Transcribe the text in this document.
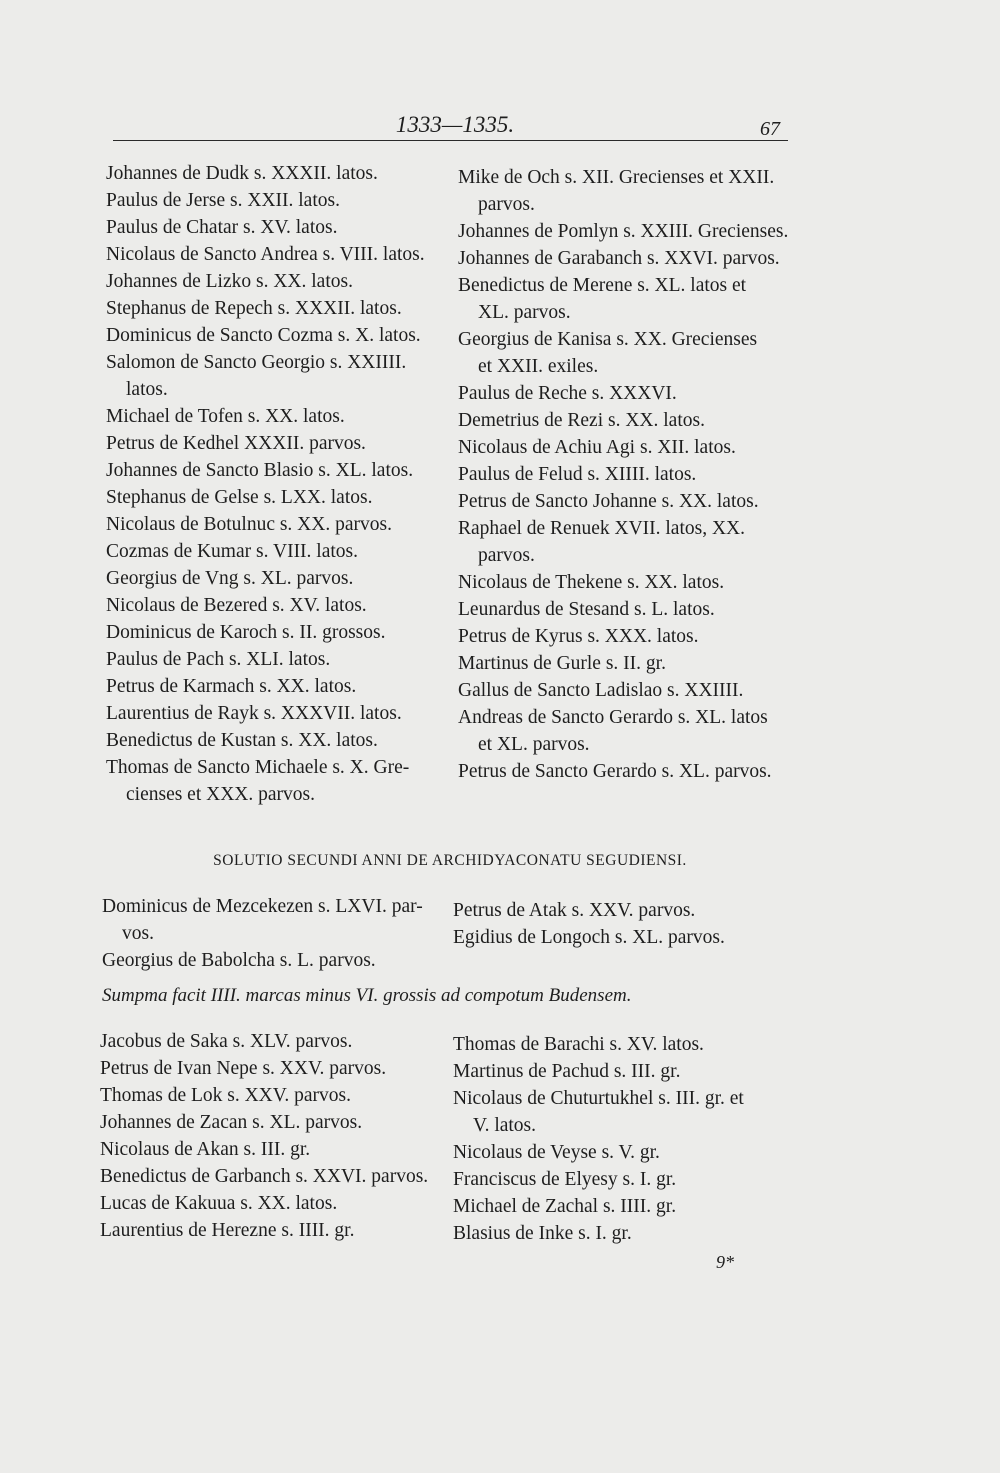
1333—1335.	67
Johannes de Dudk s. XXXII. latos.
Paulus de Jerse s. XXII. latos.
Paulus de Chatar s. XV. latos.
Nicolaus de Sancto Andrea s. VIII. latos.
Johannes de Lizko s. XX. latos.
Stephanus de Repech s. XXXII. latos.
Dominicus de Sancto Cozma s. X. latos.
Salomon de Sancto Georgio s. XXIIII.
latos.
Michael de Tofen s. XX. latos.
Petrus de Kedhel XXXII. parvos.
Johannes de Sancto Blasio s. XL. latos.
Stephanus de Gelse s. LXX. latos.
Nicolaus de Botulnuc s. XX. parvos.
Cozmas de Kumar s. VIII. latos.
Georgius de Vng s. XL. parvos.
Nicolaus de Bezered s. XV. latos.
Dominicus de Karoch s. II. grossos.
Paulus de Pach s. XLI. latos.
Petrus de Karmach s. XX. latos.
Laurentius de Rayk s. XXXVII. latos.
Benedictus de Kustan s. XX. latos.
Thomas de Sancto Michaele s. X. Gre-
cienses et XXX. parvos.
Mike de Och s. XII. Grecienses et XXII.
parvos.
Johannes de Pomlyn s. XXIII. Grecienses.
Johannes de Garabanch s. XXVI. parvos.
Benedictus de Merene s. XL. latos et
XL. parvos.
Georgius de Kanisa s. XX. Grecienses
et XXII. exiles.
Paulus de Reche s. XXXVI.
Demetrius de Rezi s. XX. latos.
Nicolaus de Achiu Agi s. XII. latos.
Paulus de Felud s. XIIII. latos.
Petrus de Sancto Johanne s. XX. latos.
Raphael de Renuek XVII. latos, XX.
parvos.
Nicolaus de Thekene s. XX. latos.
Leunardus de Stesand s. L. latos.
Petrus de Kyrus s. XXX. latos.
Martinus de Gurle s. II. gr.
Gallus de Sancto Ladislao s. XXIIII.
Andreas de Sancto Gerardo s. XL. latos
et XL. parvos.
Petrus de Sancto Gerardo s. XL. parvos.
SOLUTIO SECUNDI ANNI DE ARCHIDYACONATU SEGUDIENSI.
Dominicus de Mezcekezen s. LXVI. par-
vos.
Georgius de Babolcha s. L. parvos.
Petrus de Atak s. XXV. parvos.
Egidius de Longoch s. XL. parvos.
Sumpma facit IIII. marcas minus VI. grossis ad compotum Budensem.
Jacobus de Saka s. XLV. parvos.
Petrus de Ivan Nepe s. XXV. parvos.
Thomas de Lok s. XXV. parvos.
Johannes de Zacan s. XL. parvos.
Nicolaus de Akan s. III. gr.
Benedictus de Garbanch s. XXVI. parvos.
Lucas de Kakuua s. XX. latos.
Laurentius de Herezne s. IIII. gr.
Thomas de Barachi s. XV. latos.
Martinus de Pachud s. III. gr.
Nicolaus de Chuturtukhel s. III. gr. et
V. latos.
Nicolaus de Veyse s. V. gr.
Franciscus de Elyesy s. I. gr.
Michael de Zachal s. IIII. gr.
Blasius de Inke s. I. gr.
9*
